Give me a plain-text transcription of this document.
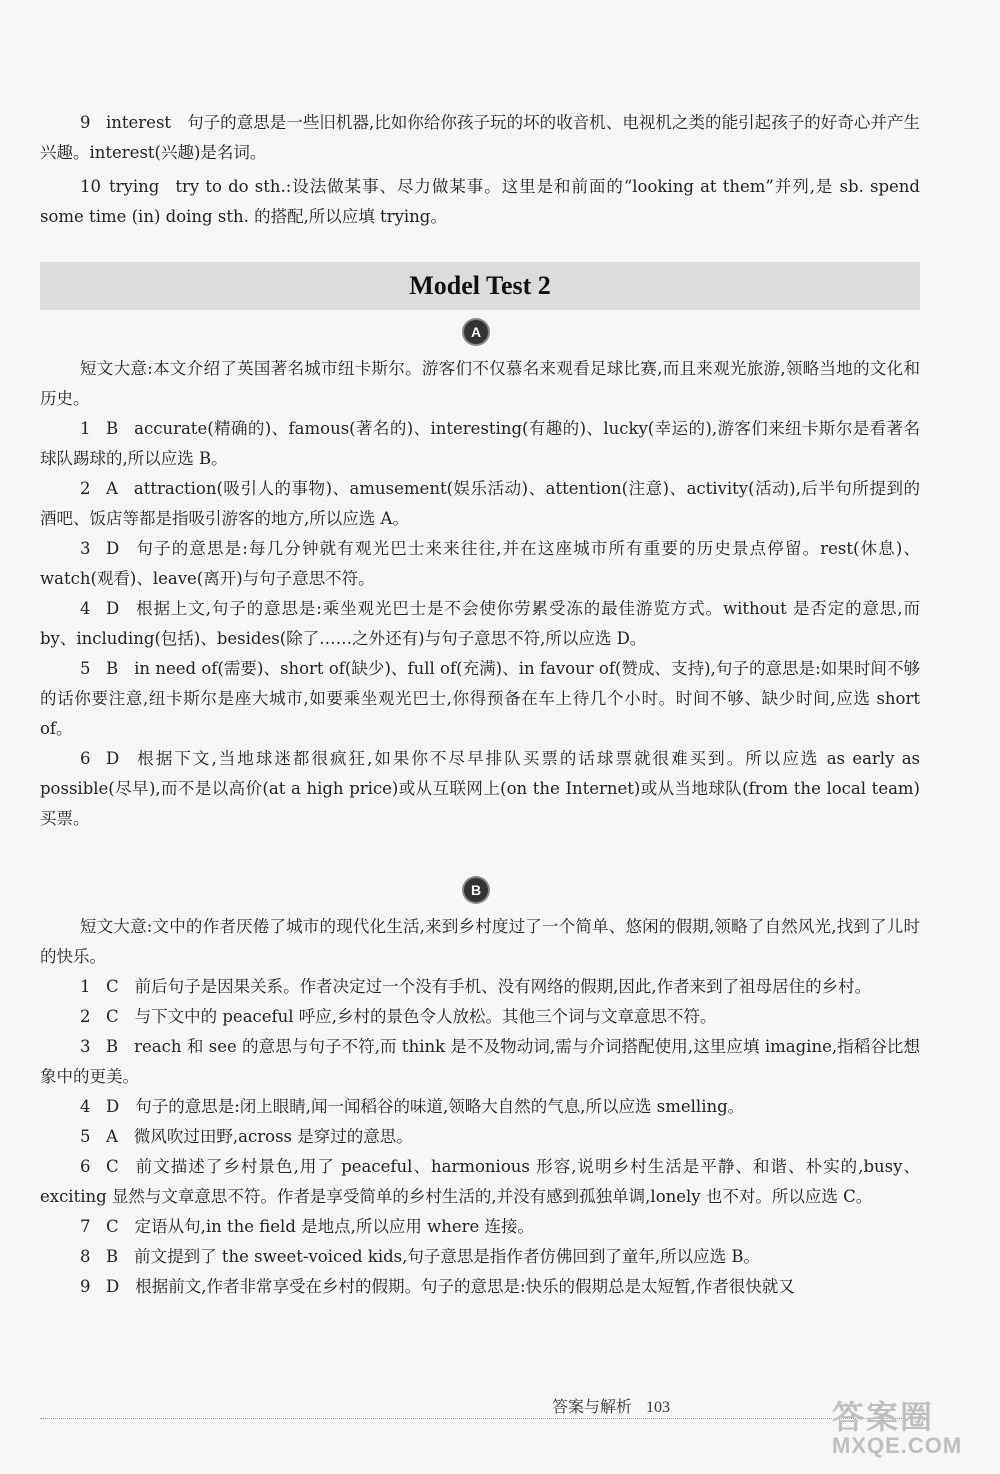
9 interest 句子的意思是一些旧机器,比如你给你孩子玩的坏的收音机、电视机之类的能引起孩子的好奇心并产生兴趣。interest(兴趣)是名词。

10 trying try to do sth.:设法做某事、尽力做某事。这里是和前面的“looking at them”并列,是 sb. spend some time (in) doing sth. 的搭配,所以应填 trying。

Model Test 2
A

短文大意:本文介绍了英国著名城市纽卡斯尔。游客们不仅慕名来观看足球比赛,而且来观光旅游,领略当地的文化和历史。

1 B accurate(精确的)、famous(著名的)、interesting(有趣的)、lucky(幸运的),游客们来纽卡斯尔是看著名球队踢球的,所以应选 B。

2 A attraction(吸引人的事物)、amusement(娱乐活动)、attention(注意)、activity(活动),后半句所提到的酒吧、饭店等都是指吸引游客的地方,所以应选 A。

3 D 句子的意思是:每几分钟就有观光巴士来来往往,并在这座城市所有重要的历史景点停留。rest(休息)、watch(观看)、leave(离开)与句子意思不符。

4 D 根据上文,句子的意思是:乘坐观光巴士是不会使你劳累受冻的最佳游览方式。without 是否定的意思,而 by、including(包括)、besides(除了……之外还有)与句子意思不符,所以应选 D。

5 B in need of(需要)、short of(缺少)、full of(充满)、in favour of(赞成、支持),句子的意思是:如果时间不够的话你要注意,纽卡斯尔是座大城市,如要乘坐观光巴士,你得预备在车上待几个小时。时间不够、缺少时间,应选 short of。

6 D 根据下文,当地球迷都很疯狂,如果你不尽早排队买票的话球票就很难买到。所以应选 as early as possible(尽早),而不是以高价(at a high price)或从互联网上(on the Internet)或从当地球队(from the local team)买票。

B

短文大意:文中的作者厌倦了城市的现代化生活,来到乡村度过了一个简单、悠闲的假期,领略了自然风光,找到了儿时的快乐。

1 C 前后句子是因果关系。作者决定过一个没有手机、没有网络的假期,因此,作者来到了祖母居住的乡村。

2 C 与下文中的 peaceful 呼应,乡村的景色令人放松。其他三个词与文章意思不符。

3 B reach 和 see 的意思与句子不符,而 think 是不及物动词,需与介词搭配使用,这里应填 imagine,指稻谷比想象中的更美。

4 D 句子的意思是:闭上眼睛,闻一闻稻谷的味道,领略大自然的气息,所以应选 smelling。

5 A 微风吹过田野,across 是穿过的意思。

6 C 前文描述了乡村景色,用了 peaceful、harmonious 形容,说明乡村生活是平静、和谐、朴实的,busy、exciting 显然与文章意思不符。作者是享受简单的乡村生活的,并没有感到孤独单调,lonely 也不对。所以应选 C。

7 C 定语从句,in the field 是地点,所以应用 where 连接。

8 B 前文提到了 the sweet-voiced kids,句子意思是指作者仿佛回到了童年,所以应选 B。

9 D 根据前文,作者非常享受在乡村的假期。句子的意思是:快乐的假期总是太短暂,作者很快就又

答案与解析 103	答案圈
MXQE.COM
